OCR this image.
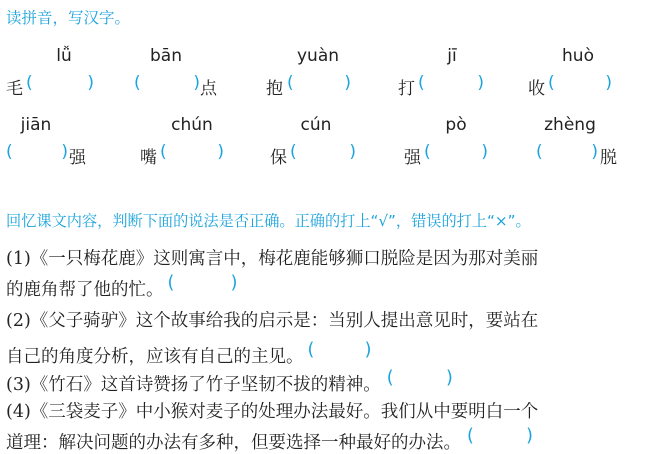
读拼音，写汉字。
lǚ	bān	yuàn	jī	huò
毛 (	) (	) 点	抱 (	)	打 (	)	收 (	)
jiān	chún	cún	pò	zhèng
(	) 强	嘴 (	)	保 (	)	强 (	)	(	) 脱
回忆课文内容，判断下面的说法是否正确。正确的打上“√”，错误的打上“×”。
(1)《一只梅花鹿》这则寓言中，梅花鹿能够狮口脱险是因为那对美丽
的鹿角帮了他的忙。 (	)
(2)《父子骑驴》这个故事给我的启示是：当别人提出意见时，要站在
自己的角度分析，应该有自己的主见。 (	)
(3)《竹石》这首诗赞扬了竹子坚韧不拔的精神。 (	)
(4)《三袋麦子》中小猴对麦子的处理办法最好。我们从中要明白一个
道理：解决问题的办法有多种，但要选择一种最好的办法。 (	)
